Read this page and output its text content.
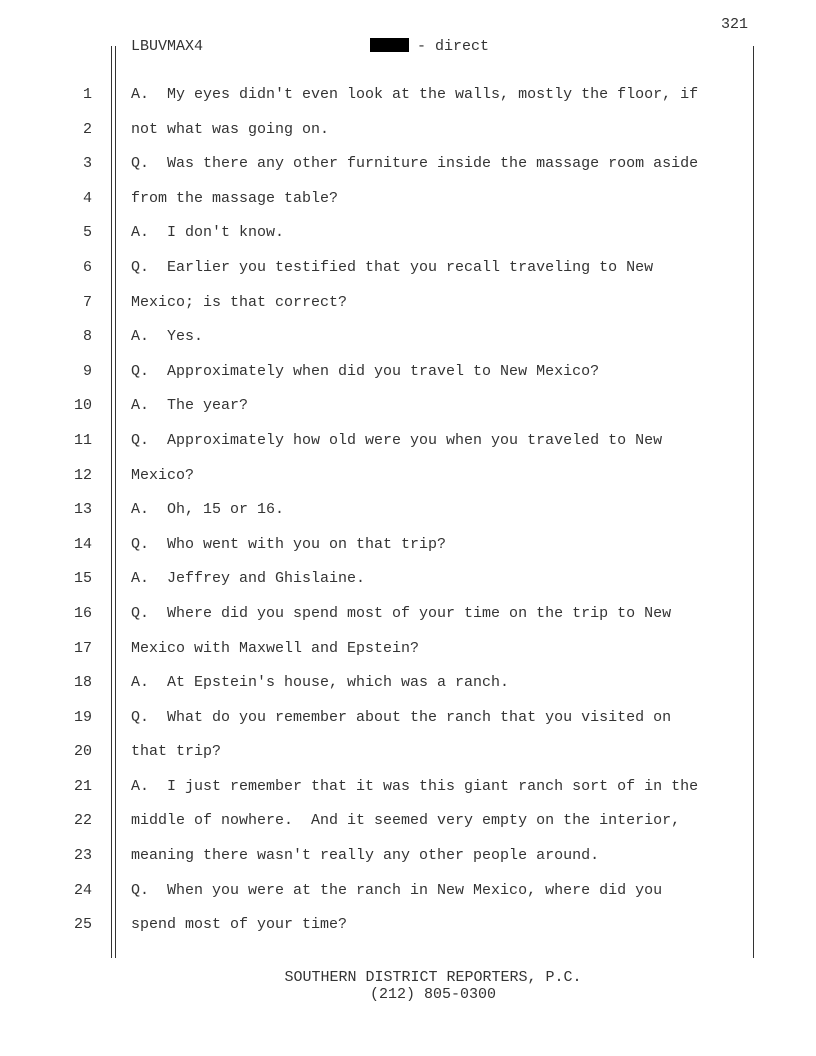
321
LBUVMAX4	- direct
1
2
3
4
5
6
7
8
9
10
11
12
13
14
15
16
17
18
19
20
21
22
23
24
25
A.  My eyes didn't even look at the walls, mostly the floor, if
not what was going on.
Q.  Was there any other furniture inside the massage room aside
from the massage table?
A.  I don't know.
Q.  Earlier you testified that you recall traveling to New
Mexico; is that correct?
A.  Yes.
Q.  Approximately when did you travel to New Mexico?
A.  The year?
Q.  Approximately how old were you when you traveled to New
Mexico?
A.  Oh, 15 or 16.
Q.  Who went with you on that trip?
A.  Jeffrey and Ghislaine.
Q.  Where did you spend most of your time on the trip to New
Mexico with Maxwell and Epstein?
A.  At Epstein's house, which was a ranch.
Q.  What do you remember about the ranch that you visited on
that trip?
A.  I just remember that it was this giant ranch sort of in the
middle of nowhere.  And it seemed very empty on the interior,
meaning there wasn't really any other people around.
Q.  When you were at the ranch in New Mexico, where did you
spend most of your time?
SOUTHERN DISTRICT REPORTERS, P.C.
(212) 805-0300
